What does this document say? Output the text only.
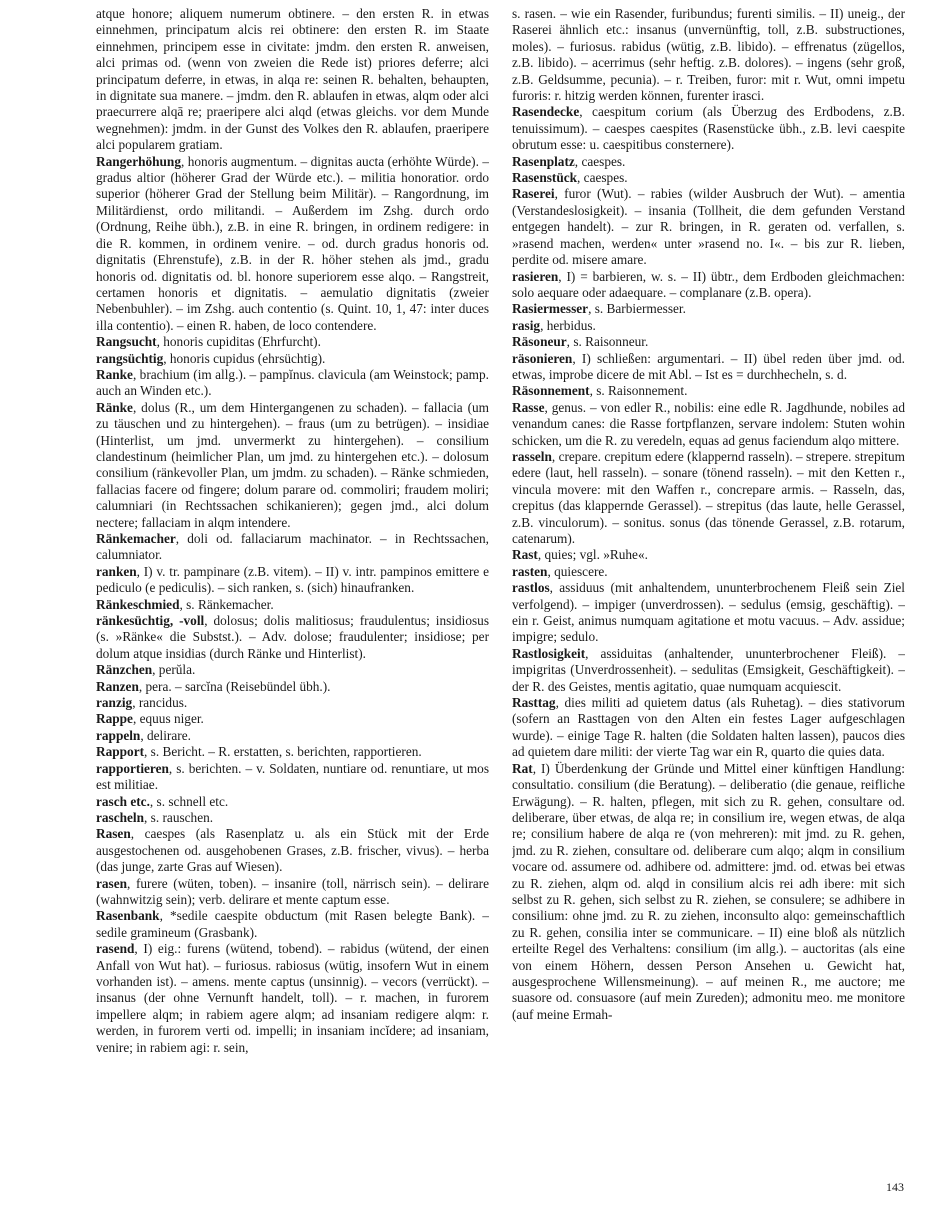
atque honore; aliquem numerum obtinere. – den ersten R. in etwas einnehmen, principatum alcis rei obtinere: den ersten R. im Staate einnehmen, principem esse in civitate: jmdm. den ersten R. anweisen, alci primas od. (wenn von zweien die Rede ist) priores deferre; alci principatum deferre, in etwas, in alqa re: seinen R. behalten, behaupten, in dignitate sua manere. – jmdm. den R. ablaufen in etwas, alqm oder alci praecurrere alqā re; praeripere alci alqd (etwas gleichs. vor dem Munde wegnehmen): jmdm. in der Gunst des Volkes den R. ablaufen, praeripere alci popularem gratiam.

Rangerhöhung, honoris augmentum. – dignitas aucta (erhöhte Würde). – gradus altior (höherer Grad der Würde etc.). – militia honoratior. ordo superior (höherer Grad der Stellung beim Militär). – Rangordnung, im Militärdienst, ordo militandi. – Außerdem im Zshg. durch ordo (Ordnung, Reihe übh.), z.B. in eine R. bringen, in ordinem redigere: in die R. kommen, in ordinem venire. – od. durch gradus honoris od. dignitatis (Ehrenstufe), z.B. in der R. höher stehen als jmd., gradu honoris od. dignitatis od. bl. honore superiorem esse alqo. – Rangstreit, certamen honoris et dignitatis. – aemulatio dignitatis (zweier Nebenbuhler). – im Zshg. auch contentio (s. Quint. 10, 1, 47: inter duces illa contentio). – einen R. haben, de loco contendere.

Rangsucht, honoris cupiditas (Ehrfurcht).

rangsüchtig, honoris cupidus (ehrsüchtig).

Ranke, brachium (im allg.). – pampĭnus. clavicula (am Weinstock; pamp. auch an Winden etc.).

Ränke, dolus (R., um dem Hintergangenen zu schaden). – fallacia (um zu täuschen und zu hintergehen). – fraus (um zu betrügen). – insidiae (Hinterlist, um jmd. unvermerkt zu hintergehen). – consilium clandestinum (heimlicher Plan, um jmd. zu hintergehen etc.). – dolosum consilium (ränkevoller Plan, um jmdm. zu schaden). – Ränke schmieden, fallacias facere od fingere; dolum parare od. commoliri; fraudem moliri; calumniari (in Rechtssachen schikanieren); gegen jmd., alci dolum nectere; fallaciam in alqm intendere.

Ränkemacher, doli od. fallaciarum machinator. – in Rechtssachen, calumniator.

ranken, I) v. tr. pampinare (z.B. vitem). – II) v. intr. pampinos emittere e pediculo (e pediculis). – sich ranken, s. (sich) hinaufranken.

Ränkeschmied, s. Ränkemacher.

ränkesüchtig, -voll, dolosus; dolis malitiosus; fraudulentus; insidiosus (s. »Ränke« die Substst.). – Adv. dolose; fraudulenter; insidiose; per dolum atque insidias (durch Ränke und Hinterlist).

Ränzchen, perŭla.

Ranzen, pera. – sarcĭna (Reisebündel übh.).

ranzig, rancidus.

Rappe, equus niger.

rappeln, delirare.

Rapport, s. Bericht. – R. erstatten, s. berichten, rapportieren.

rapportieren, s. berichten. – v. Soldaten, nuntiare od. renuntiare, ut mos est militiae.

rasch etc., s. schnell etc.

rascheln, s. rauschen.

Rasen, caespes (als Rasenplatz u. als ein Stück mit der Erde ausgestochenen od. ausgehobenen Grases, z.B. frischer, vivus). – herba (das junge, zarte Gras auf Wiesen).

rasen, furere (wüten, toben). – insanire (toll, närrisch sein). – delirare (wahnwitzig sein); verb. delirare et mente captum esse.

Rasenbank, *sedile caespite obductum (mit Rasen belegte Bank). – sedile gramineum (Grasbank).

rasend, I) eig.: furens (wütend, tobend). – rabidus (wütend, der einen Anfall von Wut hat). – furiosus. rabiosus (wütig, insofern Wut in einem vorhanden ist). – amens. mente captus (unsinnig). – vecors (verrückt). – insanus (der ohne Vernunft handelt, toll). – r. machen, in furorem impellere alqm; in rabiem agere alqm; ad insaniam redigere alqm: r. werden, in furorem verti od. impelli; in insaniam incĭdere; ad insaniam, venire; in rabiem agi: r. sein,

s. rasen. – wie ein Rasender, furibundus; furenti similis. – II) uneig., der Raserei ähnlich etc.: insanus (unvernünftig, toll, z.B. substructiones, moles). – furiosus. rabidus (wütig, z.B. libido). – effrenatus (zügellos, z.B. libido). – acerrimus (sehr heftig. z.B. dolores). – ingens (sehr groß, z.B. Geldsumme, pecunia). – r. Treiben, furor: mit r. Wut, omni impetu furoris: r. hitzig werden können, furenter irasci.

Rasendecke, caespitum corium (als Überzug des Erdbodens, z.B. tenuissimum). – caespes caespites (Rasenstücke übh., z.B. levi caespite obrutum esse: u. caespitibus consternere).

Rasenplatz, caespes.

Rasenstück, caespes.

Raserei, furor (Wut). – rabies (wilder Ausbruch der Wut). – amentia (Verstandeslosigkeit). – insania (Tollheit, die dem gefunden Verstand entgegen handelt). – zur R. bringen, in R. geraten od. verfallen, s. »rasend machen, werden« unter »rasend no. I«. – bis zur R. lieben, perdite od. misere amare.

rasieren, I) = barbieren, w. s. – II) übtr., dem Erdboden gleichmachen: solo aequare oder adaequare. – complanare (z.B. opera).

Rasiermesser, s. Barbiermesser.

rasig, herbidus.

Räsoneur, s. Raisonneur.

räsonieren, I) schließen: argumentari. – II) übel reden über jmd. od. etwas, improbe dicere de mit Abl. – Ist es = durchhecheln, s. d.

Räsonnement, s. Raisonnement.

Rasse, genus. – von edler R., nobilis: eine edle R. Jagdhunde, nobiles ad venandum canes: die Rasse fortpflanzen, servare indolem: Stuten wohin schicken, um die R. zu veredeln, equas ad genus faciendum alqo mittere.

rasseln, crepare. crepitum edere (klappernd rasseln). – strepere. strepitum edere (laut, hell rasseln). – sonare (tönend rasseln). – mit den Ketten r., vincula movere: mit den Waffen r., concrepare armis. – Rasseln, das, crepitus (das klappernde Gerassel). – strepitus (das laute, helle Gerassel, z.B. vinculorum). – sonitus. sonus (das tönende Gerassel, z.B. rotarum, catenarum).

Rast, quies; vgl. »Ruhe«.

rasten, quiescere.

rastlos, assiduus (mit anhaltendem, ununterbrochenem Fleiß sein Ziel verfolgend). – impiger (unverdrossen). – sedulus (emsig, geschäftig). – ein r. Geist, animus numquam agitatione et motu vacuus. – Adv. assidue; impigre; sedulo.

Rastlosigkeit, assiduitas (anhaltender, ununterbrochener Fleiß). – impigritas (Unverdrossenheit). – sedulitas (Emsigkeit, Geschäftigkeit). – der R. des Geistes, mentis agitatio, quae numquam acquiescit.

Rasttag, dies militi ad quietem datus (als Ruhetag). – dies stativorum (sofern an Rasttagen von den Alten ein festes Lager aufgeschlagen wurde). – einige Tage R. halten (die Soldaten halten lassen), paucos dies ad quietem dare militi: der vierte Tag war ein R, quarto die quies data.

Rat, I) Überdenkung der Gründe und Mittel einer künftigen Handlung: consultatio. consilium (die Beratung). – deliberatio (die genaue, reifliche Erwägung). – R. halten, pflegen, mit sich zu R. gehen, consultare od. deliberare, über etwas, de alqa re; in consilium ire, wegen etwas, de alqa re; consilium habere de alqa re (von mehreren): mit jmd. zu R. gehen, jmd. zu R. ziehen, consultare od. deliberare cum alqo; alqm in consilium vocare od. assumere od. adhibere od. admittere: jmd. od. etwas bei etwas zu R. ziehen, alqm od. alqd in consilium alcis rei adh ibere: mit sich selbst zu R. gehen, sich selbst zu R. ziehen, se consulere; se adhibere in consilium: ohne jmd. zu R. zu ziehen, inconsulto alqo: gemeinschaftlich zu R. gehen, consilia inter se communicare. – II) eine bloß als nützlich erteilte Regel des Verhaltens: consilium (im allg.). – auctoritas (als eine von einem Höhern, dessen Person Ansehen u. Gewicht hat, ausgesprochene Willensmeinung). – auf meinen R., me auctore; me suasore od. consuasore (auf mein Zureden); admonitu meo. me monitore (auf meine Ermah-

143
